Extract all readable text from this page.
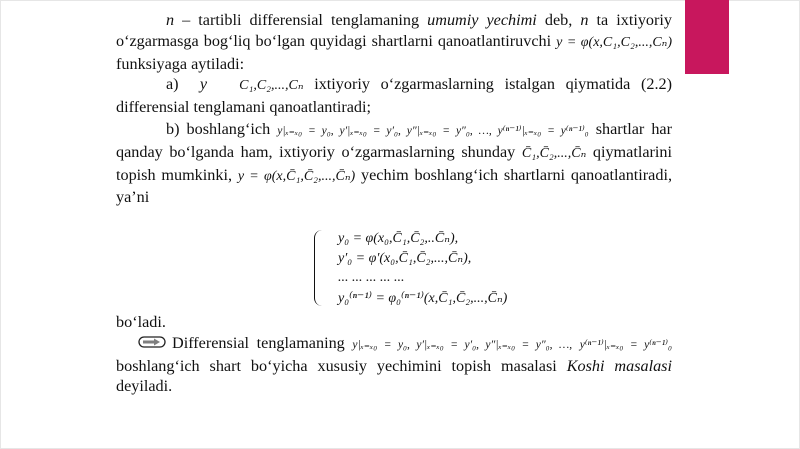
n – tartibli differensial tenglamaning umumiy yechimi deb, n ta ixtiyoriy o‘zgarmasga bog‘liq bo‘lgan quyidagi shartlarni qanoatlantiruvchi y = φ(x,C₁,C₂,...,Cₙ) funksiyaga aytiladi:

a) y C₁,C₂,...,Cₙ ixtiyoriy o‘zgarmaslarning istalgan qiymatida (2.2) differensial tenglamani qanoatlantiradi;

b) boshlang‘ich y|ₓ₌ₓ₀ = y₀, y′|ₓ₌ₓ₀ = y′₀, y″|ₓ₌ₓ₀ = y″₀, …, y⁽ⁿ⁻¹⁾|ₓ₌ₓ₀ = y⁽ⁿ⁻¹⁾₀ shartlar har qanday bo‘lganda ham, ixtiyoriy o‘zgarmaslarning shunday C̄₁,C̄₂,...,C̄ₙ qiymatlarini topish mumkinki, y = φ(x,C̄₁,C̄₂,...,C̄ₙ) yechim boshlang‘ich shartlarni qanoatlantiradi, ya’ni

y₀ = φ(x₀,C̄₁,C̄₂,..C̄ₙ),
y′₀ = φ′(x₀,C̄₁,C̄₂,...,C̄ₙ),
... ... ... ... ...
y₀⁽ⁿ⁻¹⁾ = φ₀⁽ⁿ⁻¹⁾(x,C̄₁,C̄₂,...,C̄ₙ)

bo‘ladi.

Differensial tenglamaning y|ₓ₌ₓ₀ = y₀, y′|ₓ₌ₓ₀ = y′₀, y″|ₓ₌ₓ₀ = y″₀, …, y⁽ⁿ⁻¹⁾|ₓ₌ₓ₀ = y⁽ⁿ⁻¹⁾₀ boshlang‘ich shart bo‘yicha xususiy yechimini topish masalasi Koshi masalasi deyiladi.
